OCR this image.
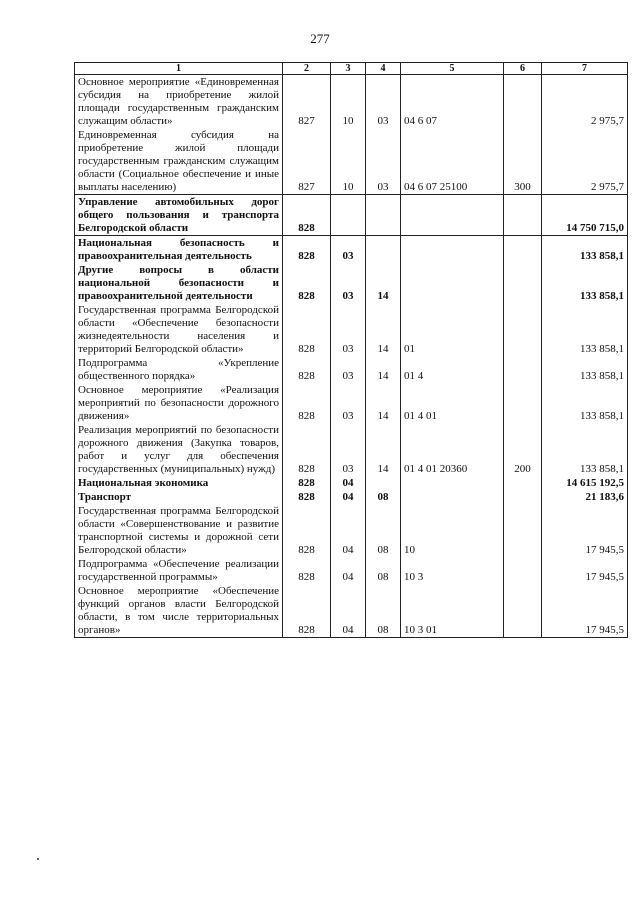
277
1	2	3	4	5	6	7
Основное мероприятие «Единовременная субсидия на приобретение жилой площади государственным гражданским служащим области»	827	10	03	04 6 07		2 975,7
Единовременная субсидия на приобретение жилой площади государственным гражданским служащим области (Социальное обеспечение и иные выплаты населению)	827	10	03	04 6 07 25100	300	2 975,7
Управление автомобильных дорог общего пользования и транспорта Белгородской области	828					14 750 715,0
Национальная безопасность и правоохранительная деятельность	828	03				133 858,1
Другие вопросы в области национальной безопасности и правоохранительной деятельности	828	03	14			133 858,1
Государственная программа Белгородской области «Обеспечение безопасности жизнедеятельности населения и территорий Белгородской области»	828	03	14	01		133 858,1
Подпрограмма «Укрепление общественного порядка»	828	03	14	01 4		133 858,1
Основное мероприятие «Реализация мероприятий по безопасности дорожного движения»	828	03	14	01 4 01		133 858,1
Реализация мероприятий по безопасности дорожного движения (Закупка товаров, работ и услуг для обеспечения государственных (муниципальных) нужд)	828	03	14	01 4 01 20360	200	133 858,1
Национальная экономика	828	04				14 615 192,5
Транспорт	828	04	08			21 183,6
Государственная программа Белгородской области «Совершенствование и развитие транспортной системы и дорожной сети Белгородской области»	828	04	08	10		17 945,5
Подпрограмма «Обеспечение реализации государственной программы»	828	04	08	10 3		17 945,5
Основное мероприятие «Обеспечение функций органов власти Белгородской области, в том числе территориальных органов»	828	04	08	10 3 01		17 945,5
